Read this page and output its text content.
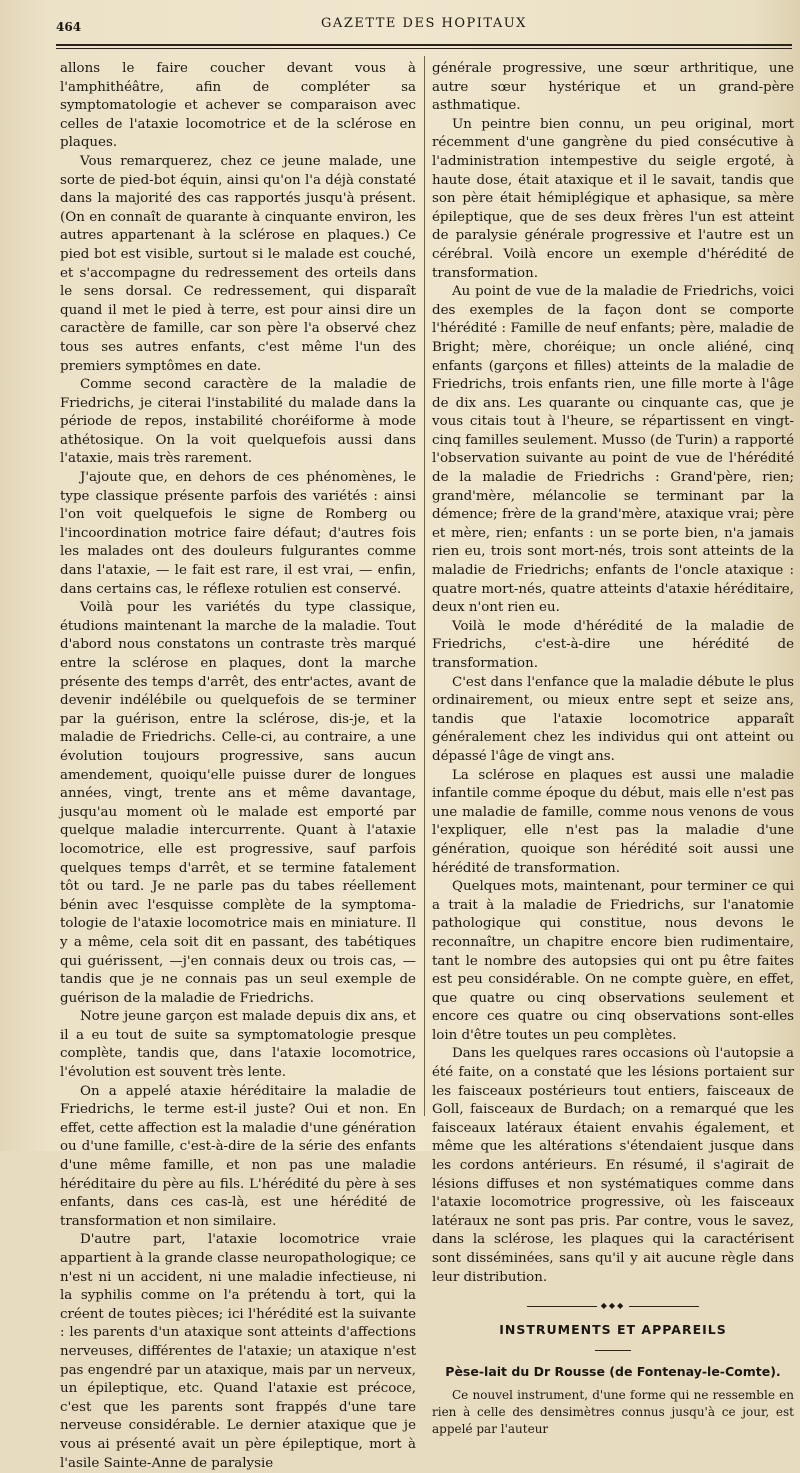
464	GAZETTE DES HOPITAUX

allons le faire coucher devant vous à l'amphithéâtre, afin de compléter sa symptomatologie et achever se comparaison avec celles de l'ataxie locomotrice et de la sclérose en plaques.

Vous remarquerez, chez ce jeune malade, une sorte de pied-bot équin, ainsi qu'on l'a déjà constaté dans la majorité des cas rapportés jusqu'à présent. (On en connaît de quarante à cinquante environ, les autres appartenant à la sclérose en plaques.) Ce pied bot est visible, surtout si le malade est couché, et s'accompagne du redressement des orteils dans le sens dorsal. Ce redressement, qui disparaît quand il met le pied à terre, est pour ainsi dire un caractère de famille, car son père l'a observé chez tous ses autres enfants, c'est même l'un des premiers symptômes en date.

Comme second caractère de la maladie de Friedrichs, je citerai l'instabilité du malade dans la période de repos, instabilité choréiforme à mode athétosique. On la voit quelquefois aussi dans l'ataxie, mais très rarement.

J'ajoute que, en dehors de ces phénomènes, le type classique présente parfois des variétés : ainsi l'on voit quelquefois le signe de Romberg ou l'incoordination motrice faire défaut; d'autres fois les malades ont des douleurs fulgurantes comme dans l'ataxie, — le fait est rare, il est vrai, — enfin, dans certains cas, le réflexe rotulien est conservé.

Voilà pour les variétés du type classique, étudions maintenant la marche de la maladie. Tout d'abord nous constatons un contraste très marqué entre la sclérose en plaques, dont la marche présente des temps d'arrêt, des entr'actes, avant de devenir indélébile ou quelquefois de se terminer par la guérison, entre la sclérose, dis-je, et la maladie de Friedrichs. Celle-ci, au contraire, a une évolution toujours progressive, sans aucun amendement, quoiqu'elle puisse durer de longues années, vingt, trente ans et même davantage, jusqu'au moment où le malade est emporté par quelque maladie intercurrente. Quant à l'ataxie locomotrice, elle est progressive, sauf parfois quelques temps d'arrêt, et se termine fatalement tôt ou tard. Je ne parle pas du tabes réellement bénin avec l'esquisse complète de la symptomatologie de l'ataxie locomotrice mais en miniature. Il y a même, cela soit dit en passant, des tabétiques qui guérissent, —j'en connais deux ou trois cas, — tandis que je ne connais pas un seul exemple de guérison de la maladie de Friedrichs.

Notre jeune garçon est malade depuis dix ans, et il a eu tout de suite sa symptomatologie presque complète, tandis que, dans l'ataxie locomotrice, l'évolution est souvent très lente.

On a appelé ataxie héréditaire la maladie de Friedrichs, le terme est-il juste? Oui et non. En effet, cette affection est la maladie d'une génération ou d'une famille, c'est-à-dire de la série des enfants d'une même famille, et non pas une maladie héréditaire du père au fils. L'hérédité du père à ses enfants, dans ces cas-là, est une hérédité de transformation et non similaire.

D'autre part, l'ataxie locomotrice vraie appartient à la grande classe neuropathologique; ce n'est ni un accident, ni une maladie infectieuse, ni la syphilis comme on l'a prétendu à tort, qui la créent de toutes pièces; ici l'hérédité est la suivante : les parents d'un ataxique sont atteints d'affections nerveuses, différentes de l'ataxie; un ataxique n'est pas engendré par un ataxique, mais par un nerveux, un épileptique, etc. Quand l'ataxie est précoce, c'est que les parents sont frappés d'une tare nerveuse considérable. Le dernier ataxique que je vous ai présenté avait un père épileptique, mort à l'asile Sainte-Anne de paralysie

générale progressive, une sœur arthritique, une autre sœur hystérique et un grand-père asthmatique.

Un peintre bien connu, un peu original, mort récemment d'une gangrène du pied consécutive à l'administration intempestive du seigle ergoté, à haute dose, était ataxique et il le savait, tandis que son père était hémiplégique et aphasique, sa mère épileptique, que de ses deux frères l'un est atteint de paralysie générale progressive et l'autre est un cérébral. Voilà encore un exemple d'hérédité de transformation.

Au point de vue de la maladie de Friedrichs, voici des exemples de la façon dont se comporte l'hérédité : Famille de neuf enfants; père, maladie de Bright; mère, choréique; un oncle aliéné, cinq enfants (garçons et filles) atteints de la maladie de Friedrichs, trois enfants rien, une fille morte à l'âge de dix ans. Les quarante ou cinquante cas, que je vous citais tout à l'heure, se répartissent en vingt-cinq familles seulement. Musso (de Turin) a rapporté l'observation suivante au point de vue de l'hérédité de la maladie de Friedrichs : Grand'père, rien; grand'mère, mélancolie se terminant par la démence; frère de la grand'mère, ataxique vrai; père et mère, rien; enfants : un se porte bien, n'a jamais rien eu, trois sont mort-nés, trois sont atteints de la maladie de Friedrichs; enfants de l'oncle ataxique : quatre mort-nés, quatre atteints d'ataxie héréditaire, deux n'ont rien eu.

Voilà le mode d'hérédité de la maladie de Friedrichs, c'est-à-dire une hérédité de transformation.

C'est dans l'enfance que la maladie débute le plus ordinairement, ou mieux entre sept et seize ans, tandis que l'ataxie locomotrice apparaît généralement chez les individus qui ont atteint ou dépassé l'âge de vingt ans.

La sclérose en plaques est aussi une maladie infantile comme époque du début, mais elle n'est pas une maladie de famille, comme nous venons de vous l'expliquer, elle n'est pas la maladie d'une génération, quoique son hérédité soit aussi une hérédité de transformation.

Quelques mots, maintenant, pour terminer ce qui a trait à la maladie de Friedrichs, sur l'anatomie pathologique qui constitue, nous devons le reconnaître, un chapitre encore bien rudimentaire, tant le nombre des autopsies qui ont pu être faites est peu considérable. On ne compte guère, en effet, que quatre ou cinq observations seulement et encore ces quatre ou cinq observations sont-elles loin d'être toutes un peu complètes.

Dans les quelques rares occasions où l'autopsie a été faite, on a constaté que les lésions portaient sur les faisceaux postérieurs tout entiers, faisceaux de Goll, faisceaux de Burdach; on a remarqué que les faisceaux latéraux étaient envahis également, et même que les altérations s'étendaient jusque dans les cordons antérieurs. En résumé, il s'agirait de lésions diffuses et non systématiques comme dans l'ataxie locomotrice progressive, où les faisceaux latéraux ne sont pas pris. Par contre, vous le savez, dans la sclérose, les plaques qui la caractérisent sont disséminées, sans qu'il y ait aucune règle dans leur distribution.

◆◆◆
INSTRUMENTS ET APPAREILS
Pèse-lait du Dr Rousse (de Fontenay-le-Comte).

Ce nouvel instrument, d'une forme qui ne ressemble en rien à celle des densimètres connus jusqu'à ce jour, est appelé par l'auteur
